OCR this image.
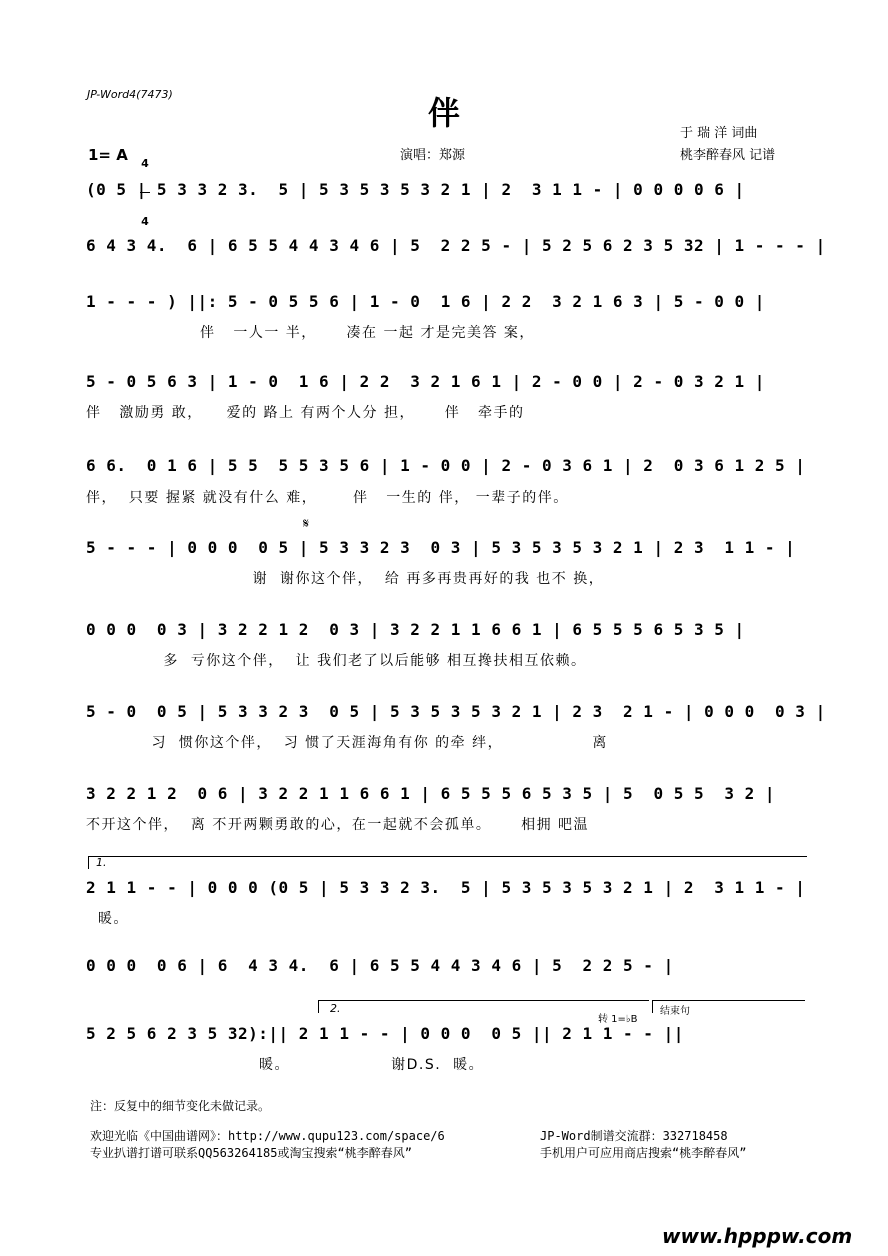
JP-Word4(7473)	伴
于 瑞 洋 词曲
演唱：郑源	桃李醉春风 记谱
1= A

4

4

(0 5 | 5 3 3 2 3.  5 | 5 3 5 3 5 3 2 1 | 2  3 1 1 - | 0 0 0 0 6 |
6 4 3 4.  6 | 6 5 5 4 4 3 4 6 | 5  2 2 5 - | 5 2 5 6 2 3 5 32 | 1 - - - |
1 - - - ) ||: 5 - 0 5 5 6 | 1 - 0  1 6 | 2 2  3 2 1 6 3 | 5 - 0 0 |
伴   一人一 半，     凑在 一起 才是完美答 案，
5 - 0 5 6 3 | 1 - 0  1 6 | 2 2  3 2 1 6 1 | 2 - 0 0 | 2 - 0 3 2 1 |
伴   激励勇 敢，    爱的 路上 有两个人分 担，     伴   牵手的
6 6.  0 1 6 | 5 5  5 5 3 5 6 | 1 - 0 0 | 2 - 0 3 6 1 | 2  0 3 6 1 2 5 |
伴，  只要 握紧 就没有什么 难，      伴   一生的 伴， 一辈子的伴。
𝄋
5 - - - | 0 0 0  0 5 | 5 3 3 2 3  0 3 | 5 3 5 3 5 3 2 1 | 2 3  1 1 - |
谢  谢你这个伴，  给 再多再贵再好的我 也不 换，
0 0 0  0 3 | 3 2 2 1 2  0 3 | 3 2 2 1 1 6 6 1 | 6 5 5 5 6 5 3 5 |
多  亏你这个伴，  让 我们老了以后能够 相互搀扶相互依赖。
5 - 0  0 5 | 5 3 3 2 3  0 5 | 5 3 5 3 5 3 2 1 | 2 3  2 1 - | 0 0 0  0 3 |
习  惯你这个伴，  习 惯了天涯海角有你 的牵 绊，               离
3 2 2 1 2  0 6 | 3 2 2 1 1 6 6 1 | 6 5 5 5 6 5 3 5 | 5  0 5 5  3 2 |
不开这个伴，  离 不开两颗勇敢的心，在一起就不会孤单。     相拥 吧温
1.
2 1 1 - - | 0 0 0 (0 5 | 5 3 3 2 3.  5 | 5 3 5 3 5 3 2 1 | 2  3 1 1 - |
暖。
0 0 0  0 6 | 6  4 3 4.  6 | 6 5 5 4 4 3 4 6 | 5  2 2 5 - |
2.
转 1=♭B
结束句
5 2 5 6 2 3 5 32):|| 2 1 1 - - | 0 0 0  0 5 || 2 1 1 - - ||
暖。                 谢D.S.  暖。
注：反复中的细节变化未做记录。
欢迎光临《中国曲谱网》：http://www.qupu123.com/space/6
专业扒谱打谱可联系QQ563264185或淘宝搜索“桃李醉春风”
JP-Word制谱交流群：332718458
手机用户可应用商店搜索“桃李醉春风”
www.hpppw.com
